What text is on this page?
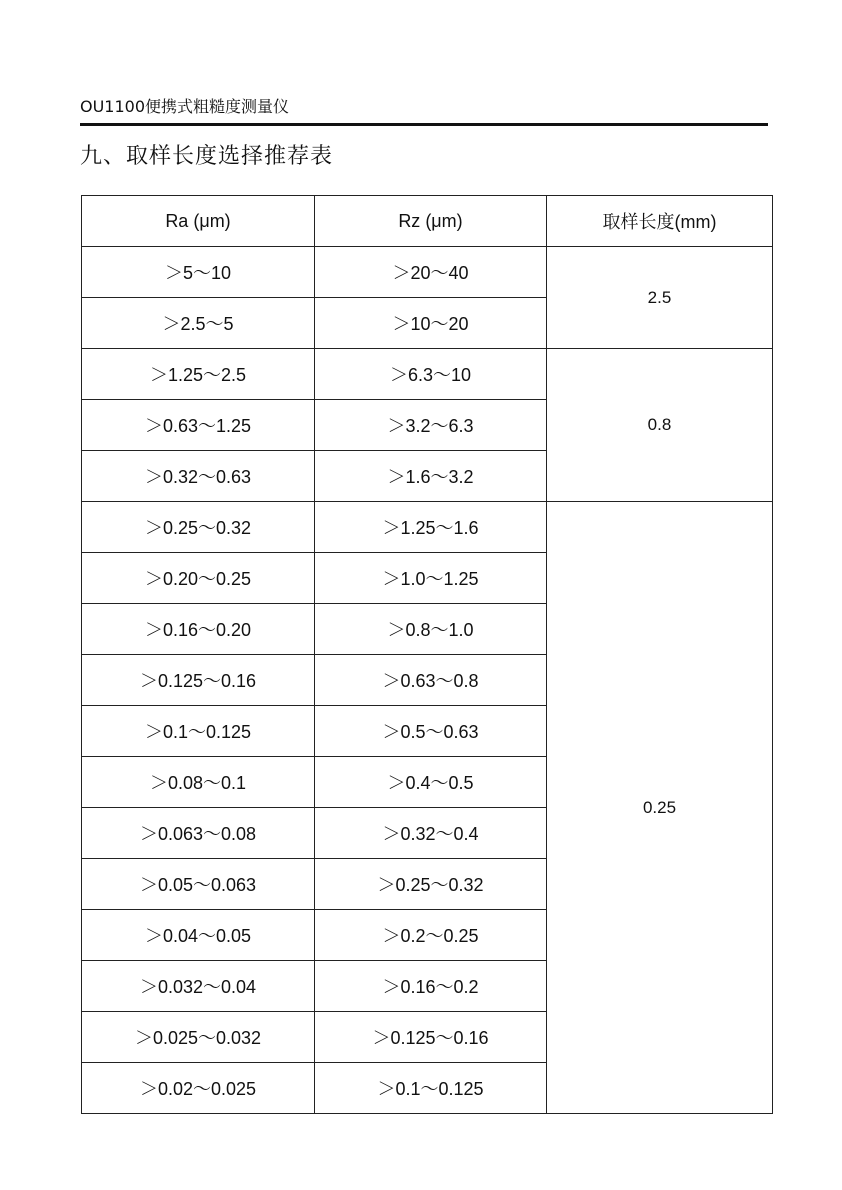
OU1100便携式粗糙度测量仪
九、取样长度选择推荐表
Ra (μm)	Rz (μm)	取样长度(mm)
＞5～10	＞20～40	2.5
＞2.5～5	＞10～20	
＞1.25～2.5	＞6.3～10	0.8
＞0.63～1.25	＞3.2～6.3	
＞0.32～0.63	＞1.6～3.2	
＞0.25～0.32	＞1.25～1.6	0.25
＞0.20～0.25	＞1.0～1.25	
＞0.16～0.20	＞0.8～1.0	
＞0.125～0.16	＞0.63～0.8	
＞0.1～0.125	＞0.5～0.63	
＞0.08～0.1	＞0.4～0.5	
＞0.063～0.08	＞0.32～0.4	
＞0.05～0.063	＞0.25～0.32	
＞0.04～0.05	＞0.2～0.25	
＞0.032～0.04	＞0.16～0.2	
＞0.025～0.032	＞0.125～0.16	
＞0.02～0.025	＞0.1～0.125	
